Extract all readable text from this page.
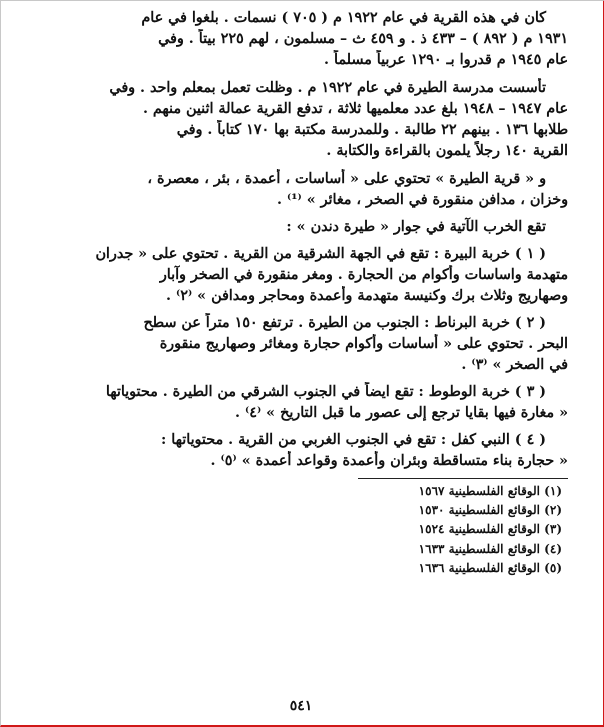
كان في هذه القرية في عام ١٩٢٢ م ( ٧٠٥ ) نسمات . بلغوا في عام
١٩٣١ م ( ٨٩٢ ) – ٤٣٣ ذ . و ٤٥٩ ث – مسلمون ، لهم ٢٢٥ بيتاً . وفي
عام ١٩٤٥ م قدروا بـ ١٢٩٠ عربياً مسلماً .
تأسست مدرسة الطيرة في عام ١٩٢٢ م . وظلت تعمل بمعلم واحد . وفي
عام ١٩٤٧ – ١٩٤٨ بلغ عدد معلميها ثلاثة ، تدفع القرية عمالة اثنين منهم .
طلابها ١٣٦ . بينهم ٢٢ طالبة . وللمدرسة مكتبة بها ١٧٠ كتاباً . وفي
القرية ١٤٠ رجلاً يلمون بالقراءة والكتابة .
و « قرية الطيرة » تحتوي على « أساسات ، أعمدة ، بئر ، معصرة ،
وخزان ، مدافن منقورة في الصخر ، مغائر » ⁽¹⁾ .
تقع الخرب الآتية في جوار « طيرة دندن » :
( ١ ) خربة البيرة : تقع في الجهة الشرقية من القرية . تحتوي على « جدران
متهدمة واساسات وأكوام من الحجارة . ومغر منقورة في الصخر وآبار
وصهاريج وثلاث برك وكنيسة متهدمة وأعمدة ومحاجر ومدافن » ⁽٢⁾ .
( ٢ ) خربة البرناط : الجنوب من الطيرة . ترتفع ١٥٠ متراً عن سطح
البحر . تحتوي على « أساسات وأكوام حجارة ومغائر وصهاريج منقورة
في الصخر » ⁽٣⁾ .
( ٣ ) خربة الوطوط : تقع ايضاً في الجنوب الشرقي من الطيرة . محتوياتها
« مغارة فيها بقايا ترجع إلى عصور ما قبل التاريخ » ⁽٤⁾ .
( ٤ ) النبي كفل : تقع في الجنوب الغربي من القرية . محتوياتها :
« حجارة بناء متساقطة وبئران وأعمدة وقواعد أعمدة » ⁽٥⁾ .
(١) الوقائع الفلسطينية ١٥٦٧
(٢) الوقائع الفلسطينية ١٥٣٠
(٣) الوقائع الفلسطينية ١٥٢٤
(٤) الوقائع الفلسطينية ١٦٣٣
(٥) الوقائع الفلسطينية ١٦٣٦
٥٤١
